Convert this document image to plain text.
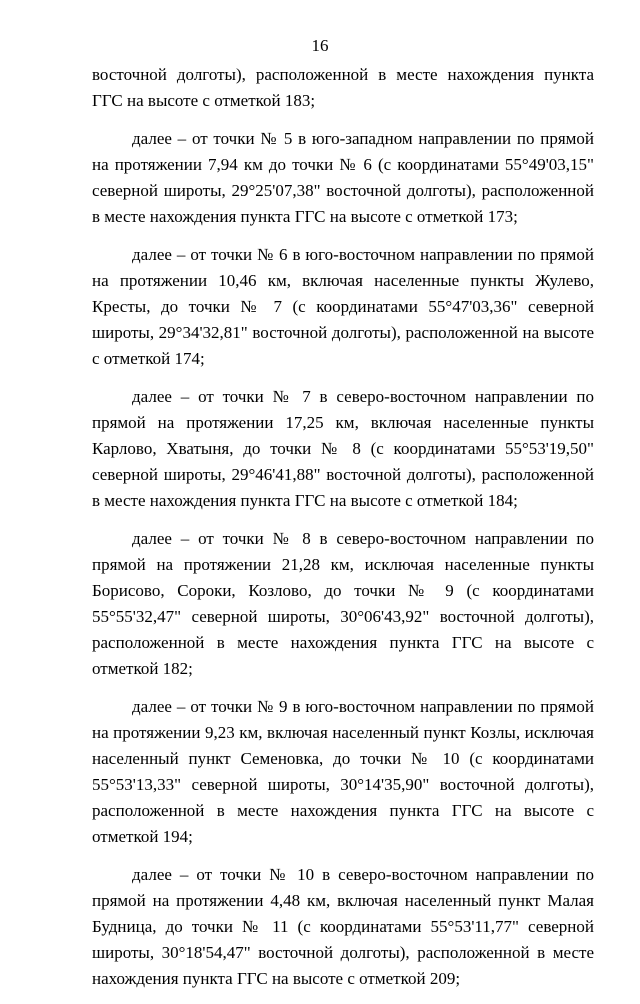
16

восточной долготы), расположенной в месте нахождения пункта ГГС на высоте с отметкой 183;

далее – от точки № 5 в юго-западном направлении по прямой на протяжении 7,94 км до точки № 6 (с координатами 55°49'03,15" северной широты, 29°25'07,38" восточной долготы), расположенной в месте нахождения пункта ГГС на высоте с отметкой 173;

далее – от точки № 6 в юго-восточном направлении по прямой на протяжении 10,46 км, включая населенные пункты Жулево, Кресты, до точки № 7 (с координатами 55°47'03,36" северной широты, 29°34'32,81" восточной долготы), расположенной на высоте с отметкой 174;

далее – от точки № 7 в северо-восточном направлении по прямой на протяжении 17,25 км, включая населенные пункты Карлово, Хватыня, до точки № 8 (с координатами 55°53'19,50" северной широты, 29°46'41,88" восточной долготы), расположенной в месте нахождения пункта ГГС на высоте с отметкой 184;

далее – от точки № 8 в северо-восточном направлении по прямой на протяжении 21,28 км, исключая населенные пункты Борисово, Сороки, Козлово, до точки № 9 (с координатами 55°55'32,47" северной широты, 30°06'43,92" восточной долготы), расположенной в месте нахождения пункта ГГС на высоте с отметкой 182;

далее – от точки № 9 в юго-восточном направлении по прямой на протяжении 9,23 км, включая населенный пункт Козлы, исключая населенный пункт Семеновка, до точки № 10 (с координатами 55°53'13,33" северной широты, 30°14'35,90" восточной долготы), расположенной в месте нахождения пункта ГГС на высоте с отметкой 194;

далее – от точки № 10 в северо-восточном направлении по прямой на протяжении 4,48 км, включая населенный пункт Малая Будница, до точки № 11 (с координатами 55°53'11,77" северной широты, 30°18'54,47" восточной долготы), расположенной в месте нахождения пункта ГГС на высоте с отметкой 209;
